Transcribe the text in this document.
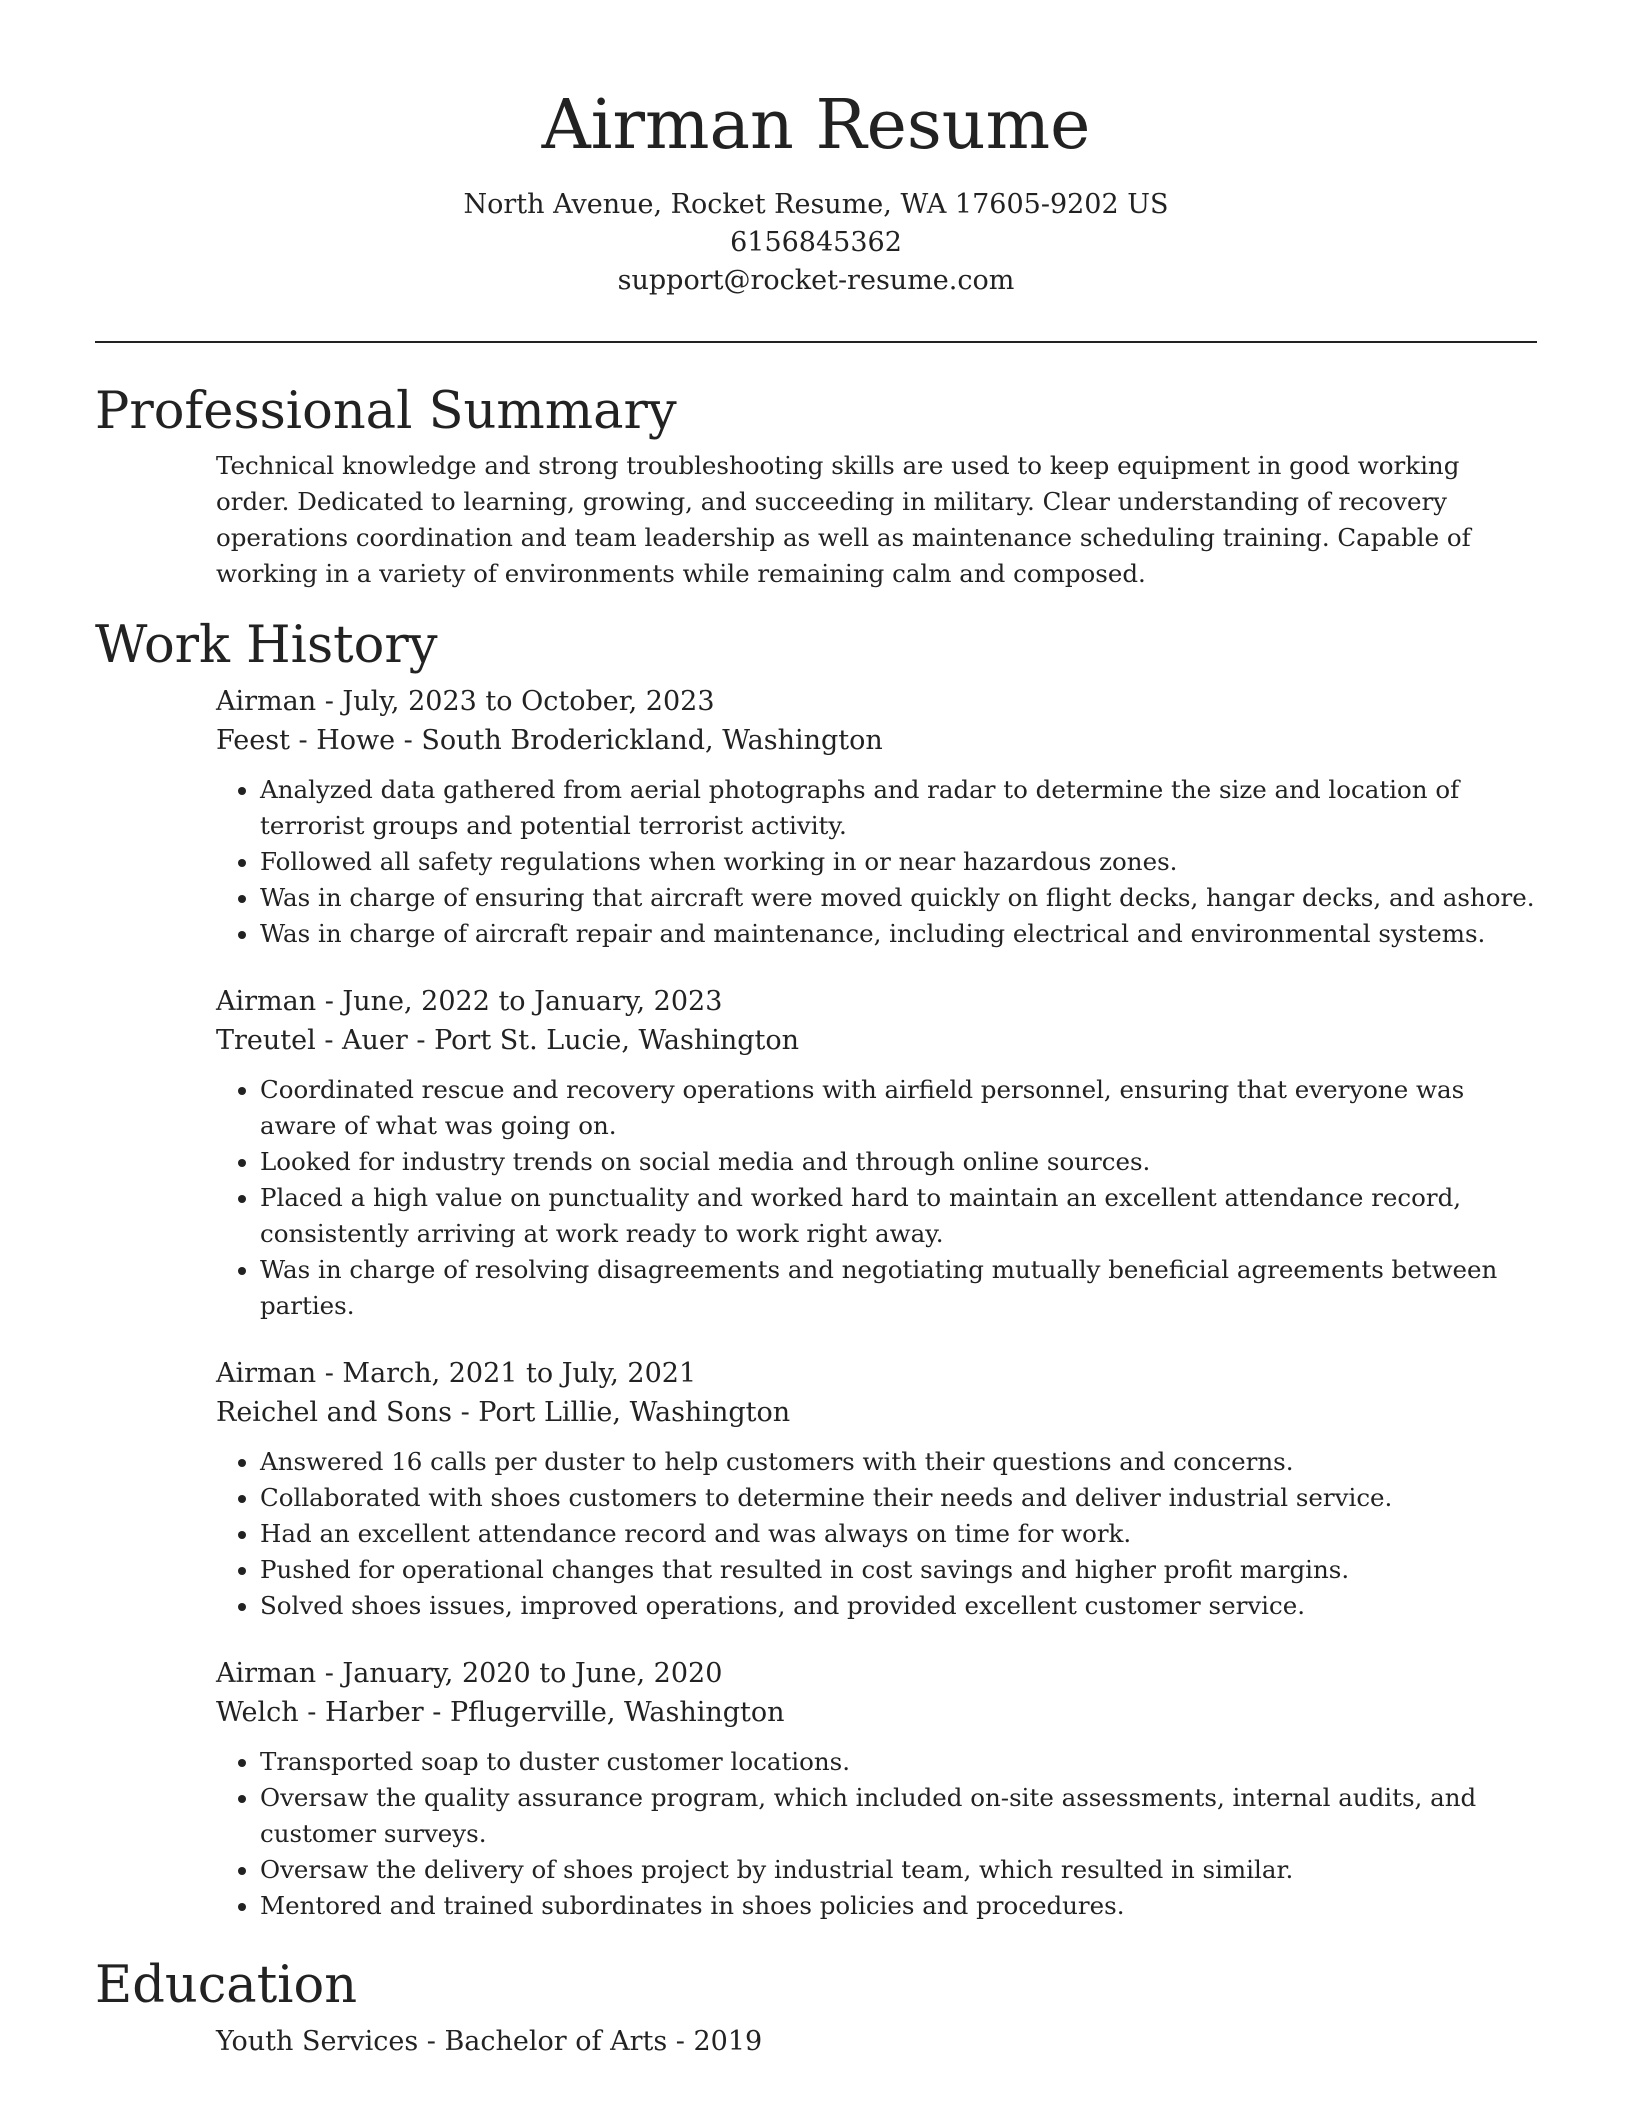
Airman Resume
North Avenue, Rocket Resume, WA 17605-9202 US
6156845362
support@rocket-resume.com
Professional Summary

Technical knowledge and strong troubleshooting skills are used to keep equipment in good working order. Dedicated to learning, growing, and succeeding in military. Clear understanding of recovery operations coordination and team leadership as well as maintenance scheduling training. Capable of working in a variety of environments while remaining calm and composed.

Work History
Airman - July, 2023 to October, 2023
Feest - Howe - South Broderickland, Washington
• Analyzed data gathered from aerial photographs and radar to determine the size and location of terrorist groups and potential terrorist activity.
• Followed all safety regulations when working in or near hazardous zones.
• Was in charge of ensuring that aircraft were moved quickly on flight decks, hangar decks, and ashore.
• Was in charge of aircraft repair and maintenance, including electrical and environmental systems.
Airman - June, 2022 to January, 2023
Treutel - Auer - Port St. Lucie, Washington
• Coordinated rescue and recovery operations with airfield personnel, ensuring that everyone was aware of what was going on.
• Looked for industry trends on social media and through online sources.
• Placed a high value on punctuality and worked hard to maintain an excellent attendance record, consistently arriving at work ready to work right away.
• Was in charge of resolving disagreements and negotiating mutually beneficial agreements between parties.
Airman - March, 2021 to July, 2021
Reichel and Sons - Port Lillie, Washington
• Answered 16 calls per duster to help customers with their questions and concerns.
• Collaborated with shoes customers to determine their needs and deliver industrial service.
• Had an excellent attendance record and was always on time for work.
• Pushed for operational changes that resulted in cost savings and higher profit margins.
• Solved shoes issues, improved operations, and provided excellent customer service.
Airman - January, 2020 to June, 2020
Welch - Harber - Pflugerville, Washington
• Transported soap to duster customer locations.
• Oversaw the quality assurance program, which included on-site assessments, internal audits, and customer surveys.
• Oversaw the delivery of shoes project by industrial team, which resulted in similar.
• Mentored and trained subordinates in shoes policies and procedures.
Education
Youth Services - Bachelor of Arts - 2019
